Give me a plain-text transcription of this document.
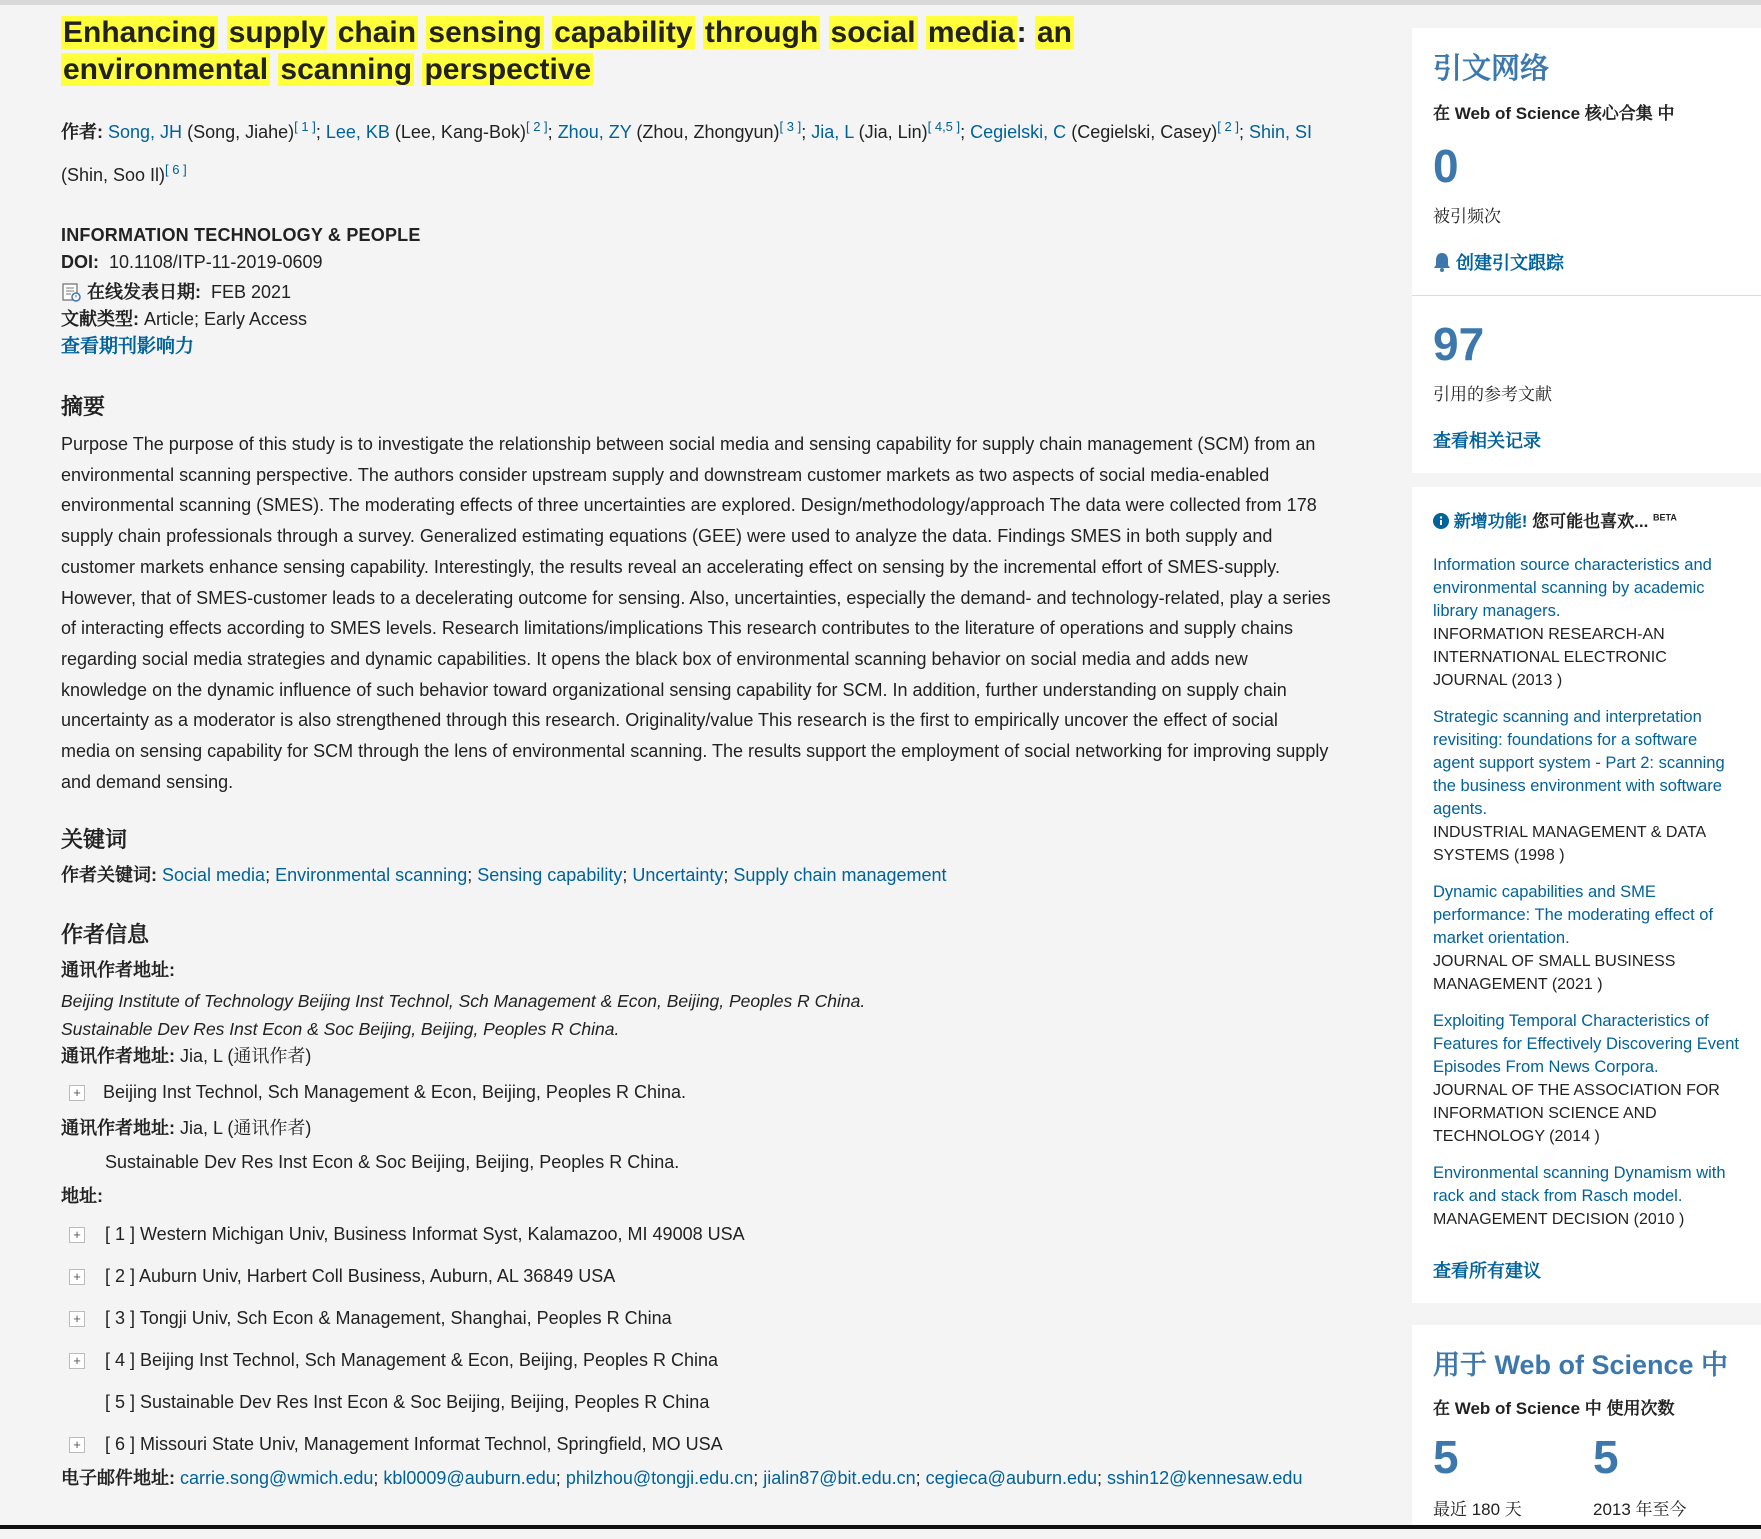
Enhancing supply chain sensing capability through social media: an environmental scanning perspective
作者: Song, JH (Song, Jiahe)[ 1 ]; Lee, KB (Lee, Kang-Bok)[ 2 ]; Zhou, ZY (Zhou, Zhongyun)[ 3 ]; Jia, L (Jia, Lin)[ 4,5 ]; Cegielski, C (Cegielski, Casey)[ 2 ]; Shin, SI (Shin, Soo Il)[ 6 ]
INFORMATION TECHNOLOGY & PEOPLE
DOI: 10.1108/ITP-11-2019-0609
在线发表日期: FEB 2021
文献类型: Article; Early Access
查看期刊影响力
摘要

Purpose The purpose of this study is to investigate the relationship between social media and sensing capability for supply chain management (SCM) from an environmental scanning perspective. The authors consider upstream supply and downstream customer markets as two aspects of social media-enabled environmental scanning (SMES). The moderating effects of three uncertainties are explored. Design/methodology/approach The data were collected from 178 supply chain professionals through a survey. Generalized estimating equations (GEE) were used to analyze the data. Findings SMES in both supply and customer markets enhance sensing capability. Interestingly, the results reveal an accelerating effect on sensing by the incremental effort of SMES-supply. However, that of SMES-customer leads to a decelerating outcome for sensing. Also, uncertainties, especially the demand- and technology-related, play a series of interacting effects according to SMES levels. Research limitations/implications This research contributes to the literature of operations and supply chains regarding social media strategies and dynamic capabilities. It opens the black box of environmental scanning behavior on social media and adds new knowledge on the dynamic influence of such behavior toward organizational sensing capability for SCM. In addition, further understanding on supply chain uncertainty as a moderator is also strengthened through this research. Originality/value This research is the first to empirically uncover the effect of social media on sensing capability for SCM through the lens of environmental scanning. The results support the employment of social networking for improving supply and demand sensing.

关键词
作者关键词: Social media; Environmental scanning; Sensing capability; Uncertainty; Supply chain management
作者信息
通讯作者地址:
Beijing Institute of Technology Beijing Inst Technol, Sch Management & Econ, Beijing, Peoples R China.
Sustainable Dev Res Inst Econ & Soc Beijing, Beijing, Peoples R China.
通讯作者地址: Jia, L (通讯作者)
+ Beijing Inst Technol, Sch Management & Econ, Beijing, Peoples R China.
通讯作者地址: Jia, L (通讯作者)
Sustainable Dev Res Inst Econ & Soc Beijing, Beijing, Peoples R China.
地址:
+ [ 1 ] Western Michigan Univ, Business Informat Syst, Kalamazoo, MI 49008 USA
+ [ 2 ] Auburn Univ, Harbert Coll Business, Auburn, AL 36849 USA
+ [ 3 ] Tongji Univ, Sch Econ & Management, Shanghai, Peoples R China
+ [ 4 ] Beijing Inst Technol, Sch Management & Econ, Beijing, Peoples R China
[ 5 ] Sustainable Dev Res Inst Econ & Soc Beijing, Beijing, Peoples R China
+ [ 6 ] Missouri State Univ, Management Informat Technol, Springfield, MO USA
电子邮件地址: carrie.song@wmich.edu; kbl0009@auburn.edu; philzhou@tongji.edu.cn; jialin87@bit.edu.cn; cegieca@auburn.edu; sshin12@kennesaw.edu
引文网络
在 Web of Science 核心合集 中
0
被引频次
创建引文跟踪
97
引用的参考文献
查看相关记录
新增功能! 您可能也喜欢... $^{BETA}$
Information source characteristics and environmental scanning by academic library managers.
INFORMATION RESEARCH-AN INTERNATIONAL ELECTRONIC JOURNAL (2013 )
Strategic scanning and interpretation revisiting: foundations for a software agent support system - Part 2: scanning the business environment with software agents.
INDUSTRIAL MANAGEMENT & DATA SYSTEMS (1998 )
Dynamic capabilities and SME performance: The moderating effect of market orientation.
JOURNAL OF SMALL BUSINESS MANAGEMENT (2021 )
Exploiting Temporal Characteristics of Features for Effectively Discovering Event Episodes From News Corpora.
JOURNAL OF THE ASSOCIATION FOR INFORMATION SCIENCE AND TECHNOLOGY (2014 )
Environmental scanning Dynamism with rack and stack from Rasch model.
MANAGEMENT DECISION (2010 )
查看所有建议
用于 Web of Science 中
在 Web of Science 中 使用次数
5
最近 180 天
5
2013 年至今
